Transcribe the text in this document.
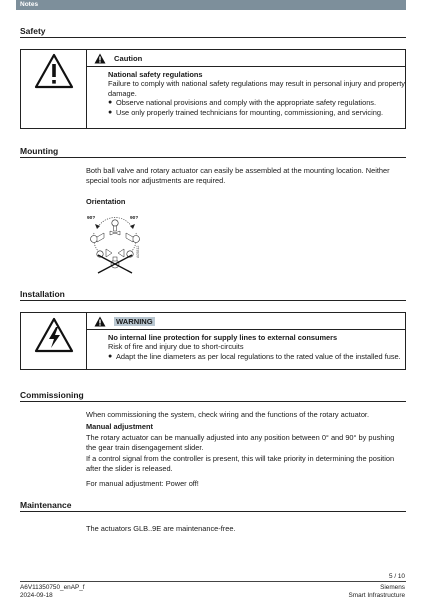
Notes
Safety
Caution
National safety regulations
Failure to comply with national safety regulations may result in personal injury and property damage.
● Observe national provisions and comply with the appropriate safety regulations.
● Use only properly trained technicians for mounting, commissioning, and servicing.
Mounting
Both ball valve and rotary actuator can easily be assembled at the mounting location. Neither special tools nor adjustments are required.
Orientation
90?	90?
A05812
Installation
WARNING
No internal line protection for supply lines to external consumers
Risk of fire and injury due to short-circuits
● Adapt the line diameters as per local regulations to the rated value of the installed fuse.
Commissioning
When commissioning the system, check wiring and the functions of the rotary actuator.
Manual adjustment
The rotary actuator can be manually adjusted into any position between 0° and 90° by pushing the gear train disengagement slider.
If a control signal from the controller is present, this will take priority in determining the position after the slider is released.
For manual adjustment: Power off!
Maintenance
The actuators GLB..9E are maintenance-free.
5 / 10
A6V11350750_enAP_f
2024-09-18
Siemens
Smart Infrastructure
